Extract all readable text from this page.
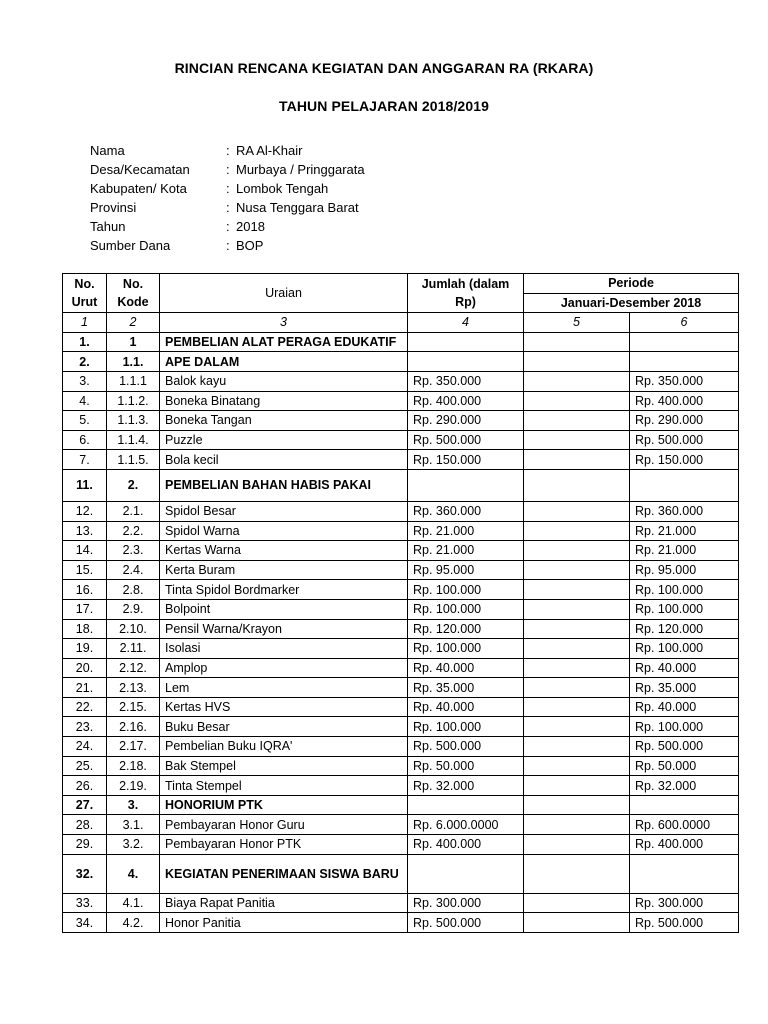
RINCIAN RENCANA KEGIATAN DAN ANGGARAN RA (RKARA)
TAHUN PELAJARAN 2018/2019
Nama	: RA Al-Khair
Desa/Kecamatan	: Murbaya / Pringgarata
Kabupaten/ Kota	: Lombok Tengah
Provinsi	: Nusa Tenggara Barat
Tahun	: 2018
Sumber Dana	: BOP
No. Urut	No. Kode	Uraian	Jumlah (dalam Rp)	Periode	
				Januari-Desember 2018	
1	2	3	4	5	6
1.	1	PEMBELIAN ALAT PERAGA EDUKATIF			
2.	1.1.	APE DALAM			
3.	1.1.1	Balok kayu	Rp. 350.000		Rp. 350.000
4.	1.1.2.	Boneka Binatang	Rp. 400.000		Rp. 400.000
5.	1.1.3.	Boneka Tangan	Rp. 290.000		Rp. 290.000
6.	1.1.4.	Puzzle	Rp. 500.000		Rp. 500.000
7.	1.1.5.	Bola kecil	Rp. 150.000		Rp. 150.000
11.	2.	PEMBELIAN BAHAN HABIS PAKAI			
12.	2.1.	Spidol Besar	Rp. 360.000		Rp. 360.000
13.	2.2.	Spidol Warna	Rp. 21.000		Rp. 21.000
14.	2.3.	Kertas Warna	Rp. 21.000		Rp. 21.000
15.	2.4.	Kerta Buram	Rp. 95.000		Rp. 95.000
16.	2.8.	Tinta Spidol Bordmarker	Rp. 100.000		Rp. 100.000
17.	2.9.	Bolpoint	Rp. 100.000		Rp. 100.000
18.	2.10.	Pensil Warna/Krayon	Rp. 120.000		Rp. 120.000
19.	2.11.	Isolasi	Rp. 100.000		Rp. 100.000
20.	2.12.	Amplop	Rp. 40.000		Rp. 40.000
21.	2.13.	Lem	Rp. 35.000		Rp. 35.000
22.	2.15.	Kertas HVS	Rp. 40.000		Rp. 40.000
23.	2.16.	Buku Besar	Rp. 100.000		Rp. 100.000
24.	2.17.	Pembelian Buku IQRA'	Rp. 500.000		Rp. 500.000
25.	2.18.	Bak Stempel	Rp. 50.000		Rp. 50.000
26.	2.19.	Tinta Stempel	Rp. 32.000		Rp. 32.000
27.	3.	HONORIUM PTK			
28.	3.1.	Pembayaran Honor Guru	Rp. 6.000.0000		Rp. 600.0000
29.	3.2.	Pembayaran Honor PTK	Rp. 400.000		Rp. 400.000
32.	4.	KEGIATAN PENERIMAAN SISWA BARU			
33.	4.1.	Biaya Rapat Panitia	Rp. 300.000		Rp. 300.000
34.	4.2.	Honor Panitia	Rp. 500.000		Rp. 500.000
